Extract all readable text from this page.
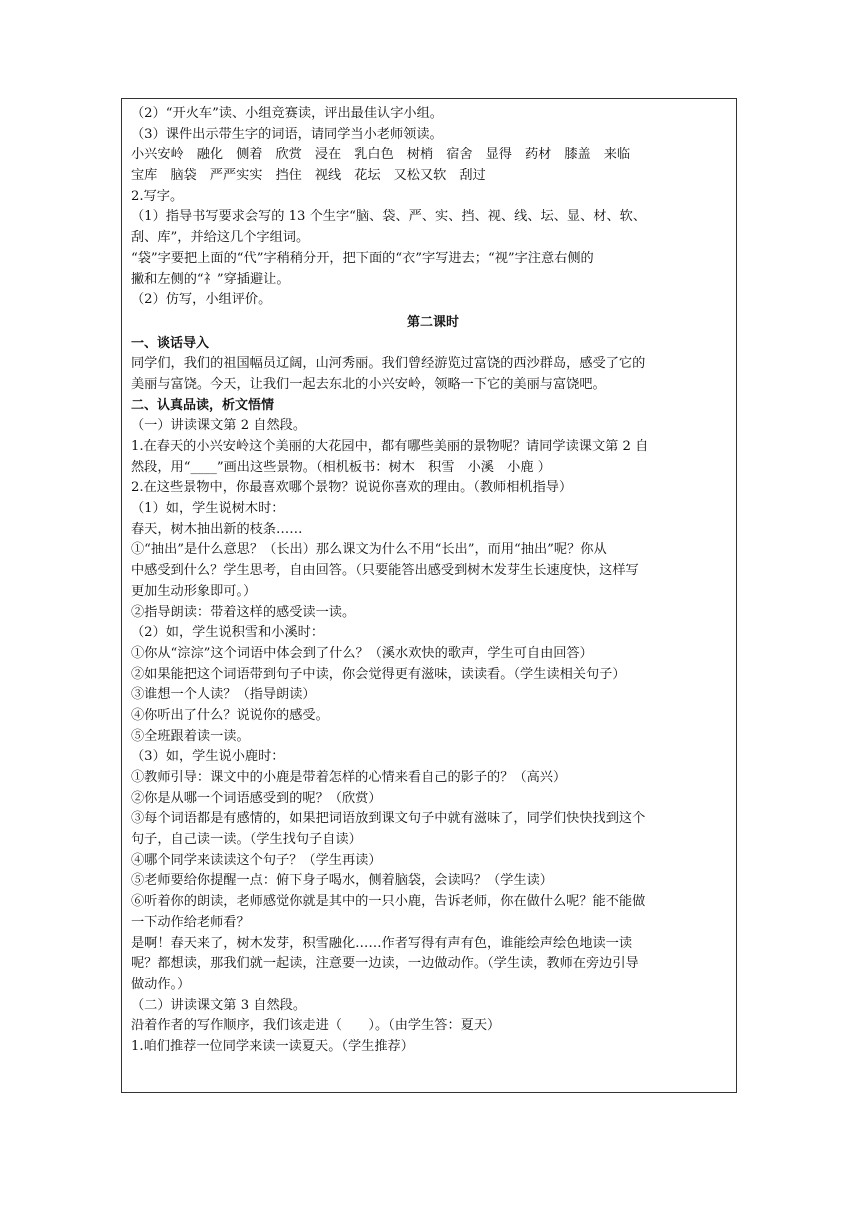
（2）“开火车”读、小组竞赛读，评出最佳认字小组。
（3）课件出示带生字的词语，请同学当小老师领读。
小兴安岭 融化 侧着 欣赏 浸在 乳白色 树梢 宿舍 显得 药材 膝盖 来临
宝库 脑袋 严严实实 挡住 视线 花坛 又松又软 刮过
2.写字。
（1）指导书写要求会写的 13 个生字“脑、袋、严、实、挡、视、线、坛、显、材、软、
刮、库”，并给这几个字组词。
“袋”字要把上面的“代”字稍稍分开，把下面的“衣”字写进去；“视”字注意右侧的
撇和左侧的“礻”穿插避让。
（2）仿写，小组评价。
第二课时
一、谈话导入
同学们，我们的祖国幅员辽阔，山河秀丽。我们曾经游览过富饶的西沙群岛，感受了它的
美丽与富饶。今天，让我们一起去东北的小兴安岭，领略一下它的美丽与富饶吧。
二、认真品读，析文悟情
（一）讲读课文第 2 自然段。
1.在春天的小兴安岭这个美丽的大花园中，都有哪些美丽的景物呢？请同学读课文第 2 自
然段，用“____”画出这些景物。（相机板书：树木　积雪　小溪　小鹿 ）
2.在这些景物中，你最喜欢哪个景物？说说你喜欢的理由。（教师相机指导）
（1）如，学生说树木时：
春天，树木抽出新的枝条……
①“抽出”是什么意思？（长出）那么课文为什么不用“长出”，而用“抽出”呢？你从
中感受到什么？学生思考，自由回答。（只要能答出感受到树木发芽生长速度快，这样写
更加生动形象即可。）
②指导朗读：带着这样的感受读一读。
（2）如，学生说积雪和小溪时：
①你从“淙淙”这个词语中体会到了什么？（溪水欢快的歌声，学生可自由回答）
②如果能把这个词语带到句子中读，你会觉得更有滋味，读读看。（学生读相关句子）
③谁想一个人读？（指导朗读）
④你听出了什么？说说你的感受。
⑤全班跟着读一读。
（3）如，学生说小鹿时：
①教师引导：课文中的小鹿是带着怎样的心情来看自己的影子的？（高兴）
②你是从哪一个词语感受到的呢？（欣赏）
③每个词语都是有感情的，如果把词语放到课文句子中就有滋味了，同学们快快找到这个
句子，自己读一读。（学生找句子自读）
④哪个同学来读读这个句子？（学生再读）
⑤老师要给你提醒一点：俯下身子喝水，侧着脑袋，会读吗？（学生读）
⑥听着你的朗读，老师感觉你就是其中的一只小鹿，告诉老师，你在做什么呢？能不能做
一下动作给老师看？
是啊！春天来了，树木发芽，积雪融化……作者写得有声有色，谁能绘声绘色地读一读
呢？都想读，那我们就一起读，注意要一边读，一边做动作。（学生读，教师在旁边引导
做动作。）
（二）讲读课文第 3 自然段。
沿着作者的写作顺序，我们该走进（　　）。（由学生答：夏天）
1.咱们推荐一位同学来读一读夏天。（学生推荐）
